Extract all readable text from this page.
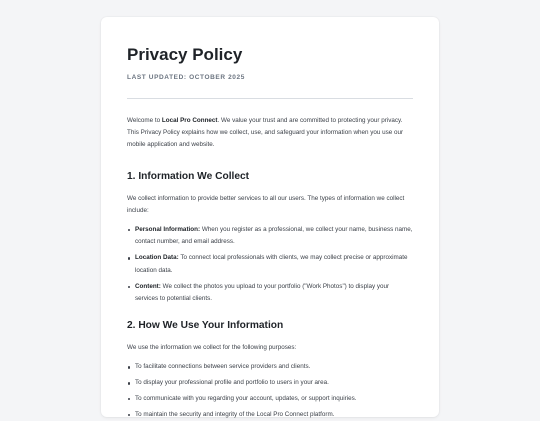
Privacy Policy
LAST UPDATED: OCTOBER 2025

Welcome to Local Pro Connect. We value your trust and are committed to protecting your privacy. This Privacy Policy explains how we collect, use, and safeguard your information when you use our mobile application and website.

1. Information We Collect

We collect information to provide better services to all our users. The types of information we collect include:

Personal Information: When you register as a professional, we collect your name, business name, contact number, and email address.
Location Data: To connect local professionals with clients, we may collect precise or approximate location data.
Content: We collect the photos you upload to your portfolio ("Work Photos") to display your services to potential clients.
2. How We Use Your Information

We use the information we collect for the following purposes:

To facilitate connections between service providers and clients.
To display your professional profile and portfolio to users in your area.
To communicate with you regarding your account, updates, or support inquiries.
To maintain the security and integrity of the Local Pro Connect platform.
